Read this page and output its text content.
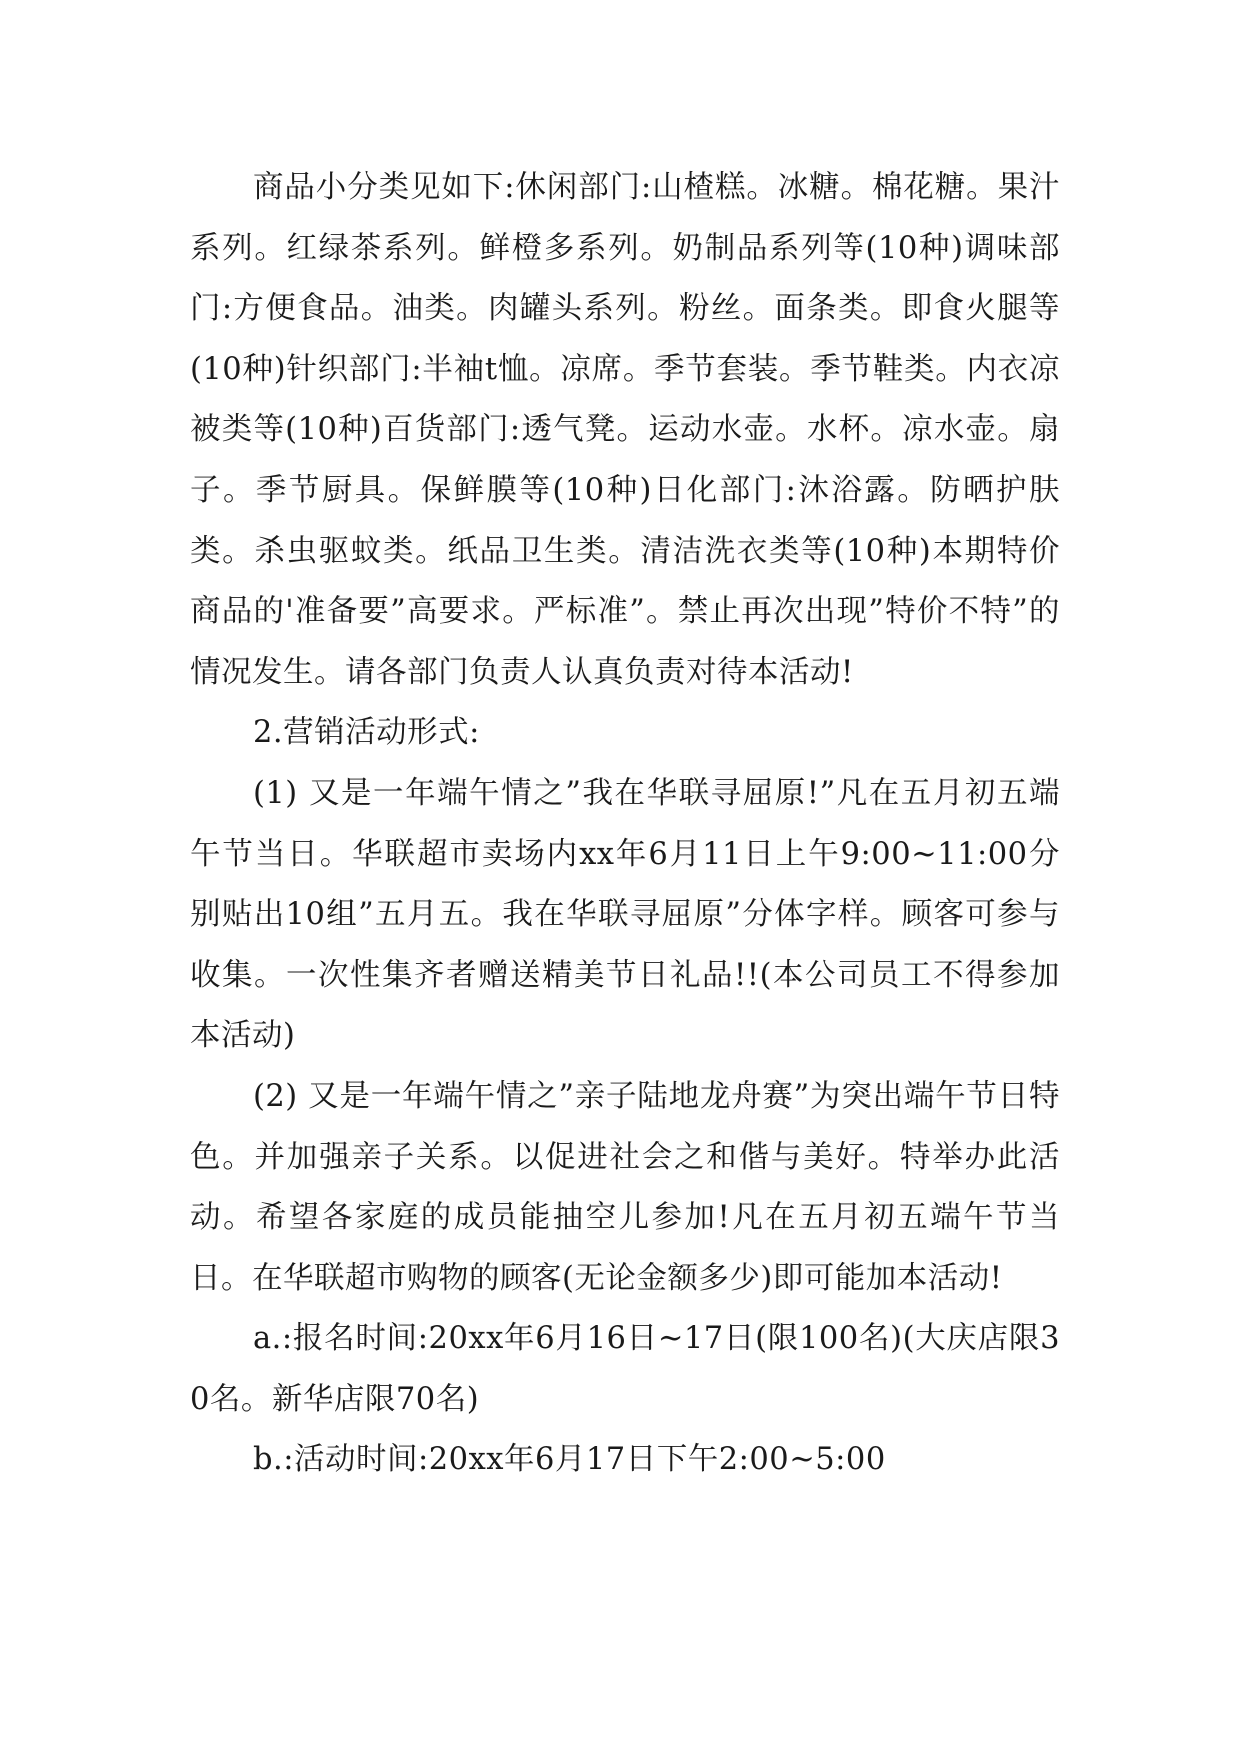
商品小分类见如下:休闲部门:山楂糕。冰糖。棉花糖。果汁系列。红绿茶系列。鲜橙多系列。奶制品系列等(10种)调味部门:方便食品。油类。肉罐头系列。粉丝。面条类。即食火腿等(10种)针织部门:半袖t恤。凉席。季节套装。季节鞋类。内衣凉被类等(10种)百货部门:透气凳。运动水壶。水杯。凉水壶。扇子。季节厨具。保鲜膜等(10种)日化部门:沐浴露。防晒护肤类。杀虫驱蚊类。纸品卫生类。清洁洗衣类等(10种)本期特价商品的'准备要”高要求。严标准”。禁止再次出现”特价不特”的情况发生。请各部门负责人认真负责对待本活动!

2.营销活动形式:

(1) 又是一年端午情之”我在华联寻屈原!”凡在五月初五端午节当日。华联超市卖场内xx年6月11日上午9:00~11:00分别贴出10组”五月五。我在华联寻屈原”分体字样。顾客可参与收集。一次性集齐者赠送精美节日礼品!!(本公司员工不得参加本活动)

(2) 又是一年端午情之”亲子陆地龙舟赛”为突出端午节日特色。并加强亲子关系。以促进社会之和偕与美好。特举办此活动。希望各家庭的成员能抽空儿参加!凡在五月初五端午节当日。在华联超市购物的顾客(无论金额多少)即可能加本活动!

a.:报名时间:20xx年6月16日~17日(限100名)(大庆店限30名。新华店限70名)

b.:活动时间:20xx年6月17日下午2:00~5:00
